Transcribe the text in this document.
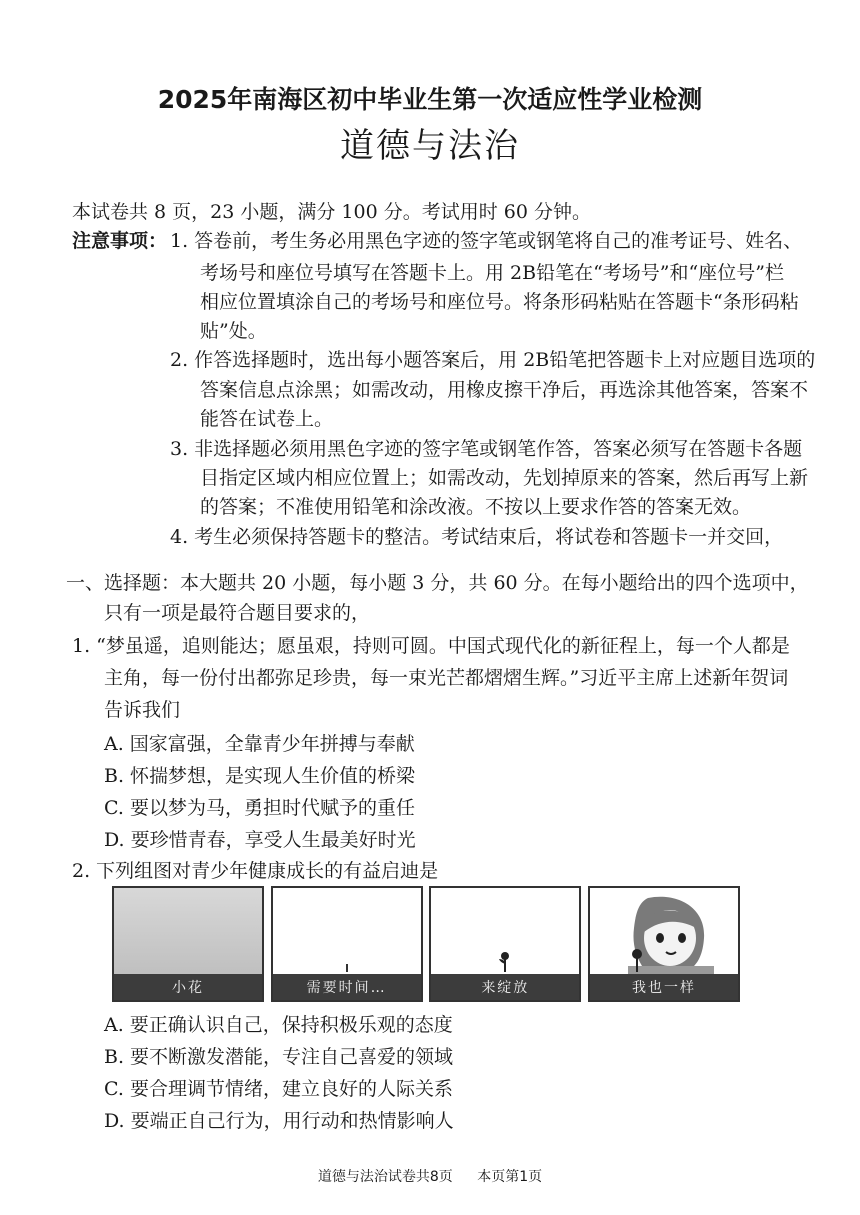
2025年南海区初中毕业生第一次适应性学业检测
道德与法治
本试卷共 8 页，23 小题，满分 100 分。考试用时 60 分钟。
注意事项： 1. 答卷前，考生务必用黑色字迹的签字笔或钢笔将自己的准考证号、姓名、
考场号和座位号填写在答题卡上。用 2B铅笔在“考场号”和“座位号”栏
相应位置填涂自己的考场号和座位号。将条形码粘贴在答题卡“条形码粘
贴”处。
2. 作答选择题时，选出每小题答案后，用 2B铅笔把答题卡上对应题目选项的
答案信息点涂黑；如需改动，用橡皮擦干净后，再选涂其他答案，答案不
能答在试卷上。
3. 非选择题必须用黑色字迹的签字笔或钢笔作答，答案必须写在答题卡各题
目指定区域内相应位置上；如需改动，先划掉原来的答案，然后再写上新
的答案；不准使用铅笔和涂改液。不按以上要求作答的答案无效。
4. 考生必须保持答题卡的整洁。考试结束后，将试卷和答题卡一并交回，
一、选择题：本大题共 20 小题，每小题 3 分，共 60 分。在每小题给出的四个选项中，
只有一项是最符合题目要求的，
1. “梦虽遥，追则能达；愿虽艰，持则可圆。中国式现代化的新征程上，每一个人都是
主角，每一份付出都弥足珍贵，每一束光芒都熠熠生辉。”习近平主席上述新年贺词
告诉我们
A. 国家富强，全靠青少年拼搏与奉献
B. 怀揣梦想，是实现人生价值的桥梁
C. 要以梦为马，勇担时代赋予的重任
D. 要珍惜青春，享受人生最美好时光
2. 下列组图对青少年健康成长的有益启迪是
小花	需要时间…	来绽放	我也一样
A. 要正确认识自己，保持积极乐观的态度
B. 要不断激发潜能，专注自己喜爱的领域
C. 要合理调节情绪，建立良好的人际关系
D. 要端正自己行为，用行动和热情影响人
道德与法治试卷共8页 本页第1页
